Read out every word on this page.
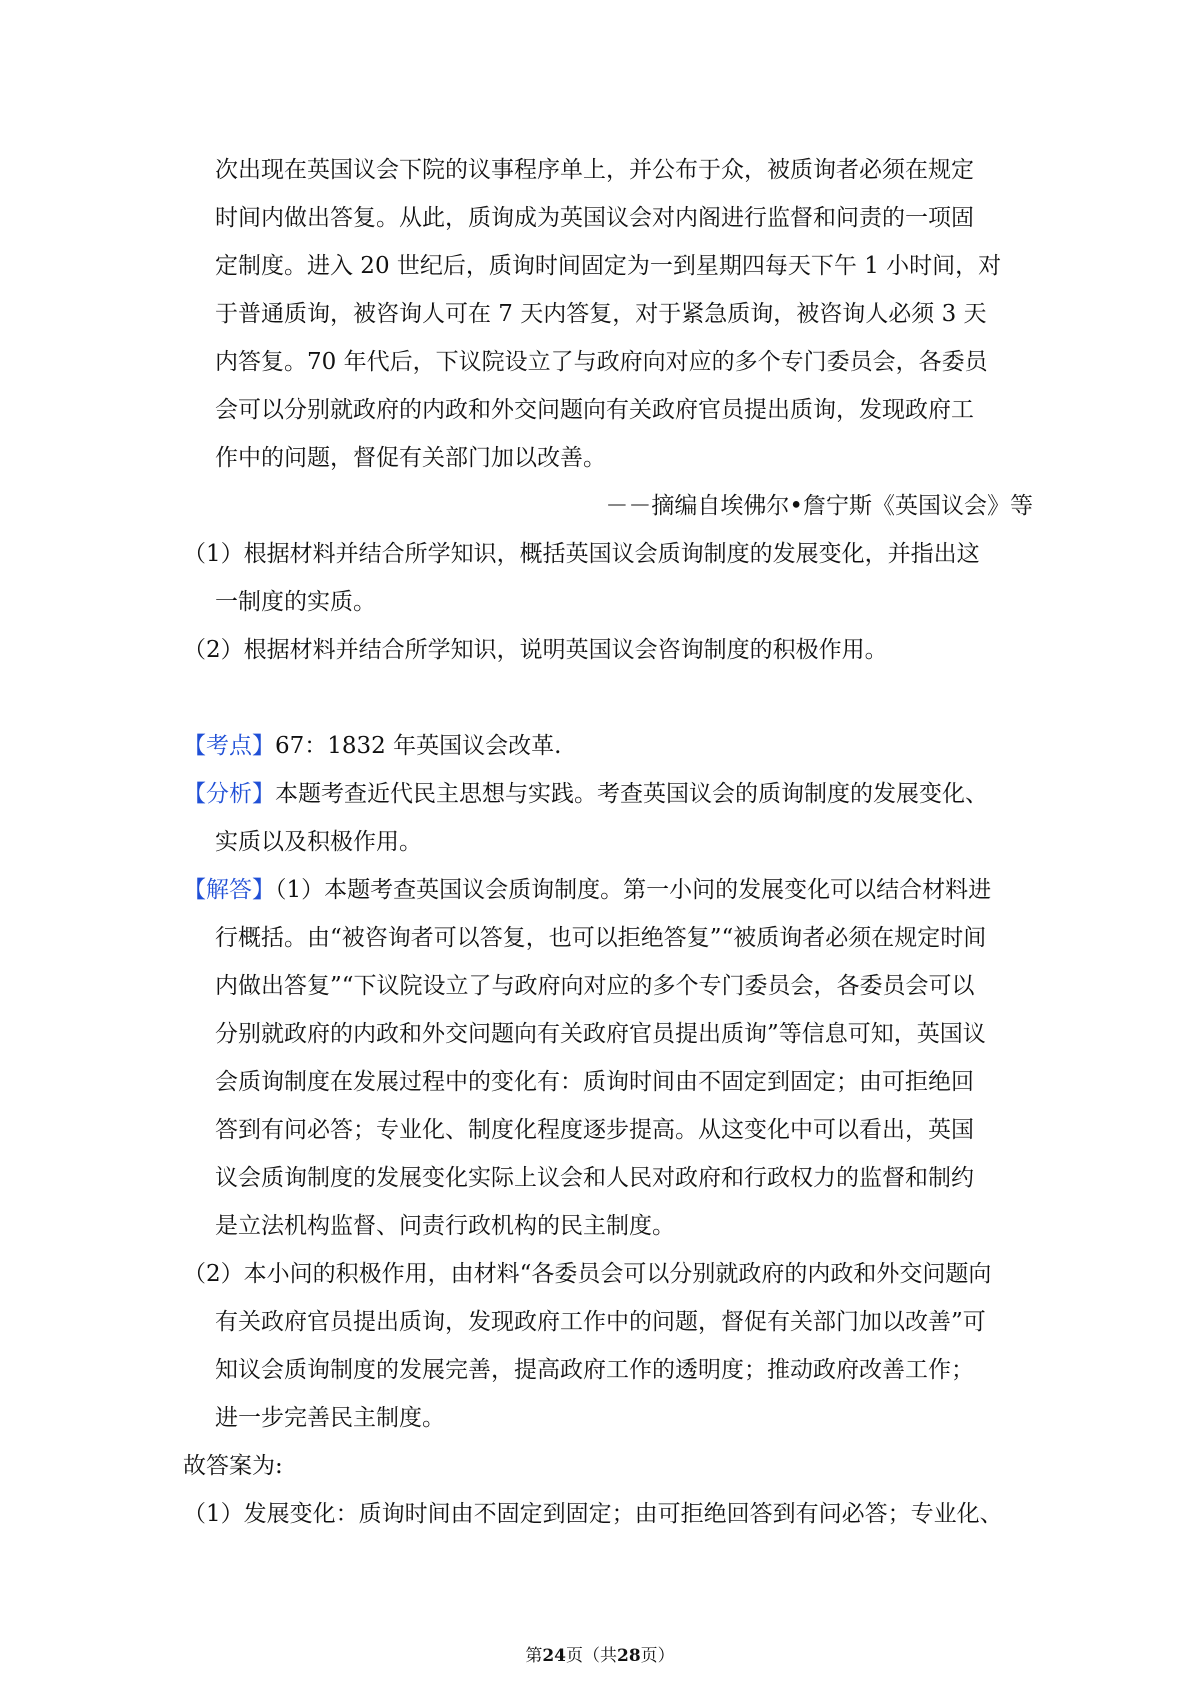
次出现在英国议会下院的议事程序单上，并公布于众，被质询者必须在规定
时间内做出答复。从此，质询成为英国议会对内阁进行监督和问责的一项固
定制度。进入 20 世纪后，质询时间固定为一到星期四每天下午 1 小时间，对
于普通质询，被咨询人可在 7 天内答复，对于紧急质询，被咨询人必须 3 天
内答复。70 年代后，下议院设立了与政府向对应的多个专门委员会，各委员
会可以分别就政府的内政和外交问题向有关政府官员提出质询，发现政府工
作中的问题，督促有关部门加以改善。
－－摘编自埃佛尔•詹宁斯《英国议会》等
（1）根据材料并结合所学知识，概括英国议会质询制度的发展变化，并指出这
一制度的实质。
（2）根据材料并结合所学知识，说明英国议会咨询制度的积极作用。
【考点】67：1832 年英国议会改革.
【分析】本题考查近代民主思想与实践。考查英国议会的质询制度的发展变化、
实质以及积极作用。
【解答】（1）本题考查英国议会质询制度。第一小问的发展变化可以结合材料进
行概括。由“被咨询者可以答复，也可以拒绝答复”“被质询者必须在规定时间
内做出答复”“下议院设立了与政府向对应的多个专门委员会，各委员会可以
分别就政府的内政和外交问题向有关政府官员提出质询”等信息可知，英国议
会质询制度在发展过程中的变化有：质询时间由不固定到固定；由可拒绝回
答到有问必答；专业化、制度化程度逐步提高。从这变化中可以看出，英国
议会质询制度的发展变化实际上议会和人民对政府和行政权力的监督和制约
是立法机构监督、问责行政机构的民主制度。
（2）本小问的积极作用，由材料“各委员会可以分别就政府的内政和外交问题向
有关政府官员提出质询，发现政府工作中的问题，督促有关部门加以改善”可
知议会质询制度的发展完善，提高政府工作的透明度；推动政府改善工作；
进一步完善民主制度。
故答案为:
（1）发展变化：质询时间由不固定到固定；由可拒绝回答到有问必答；专业化、
第24页（共28页）
